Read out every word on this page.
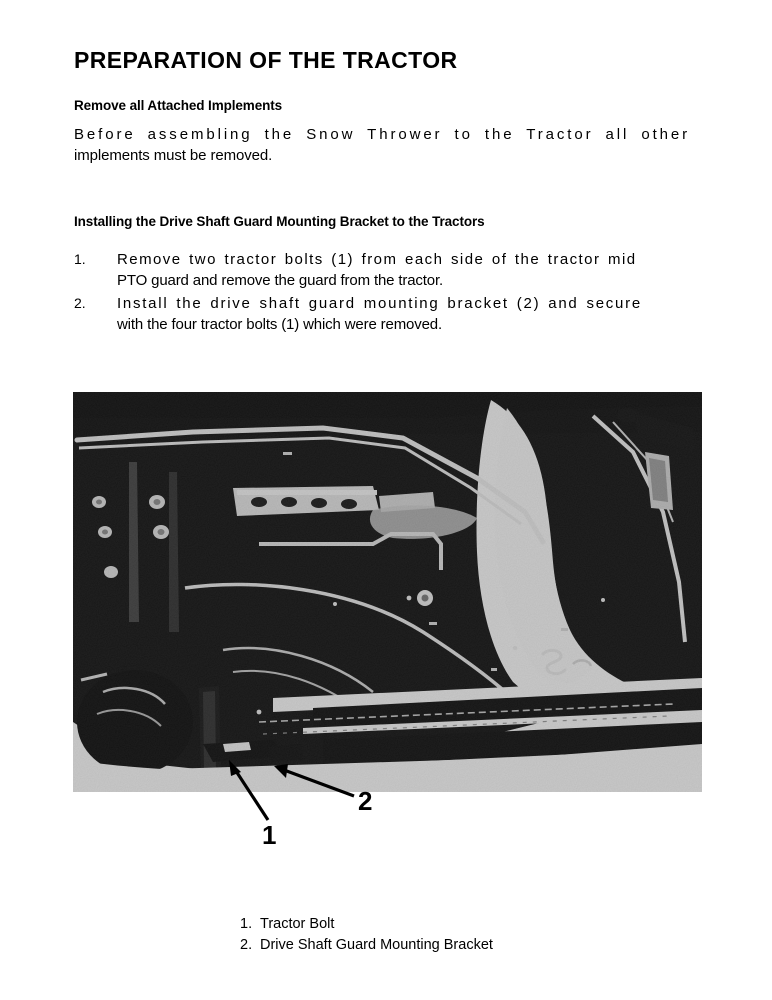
PREPARATION OF THE TRACTOR
Remove all Attached Implements
Before assembling the Snow Thrower to the Tractor all other
implements must be removed.
Installing the Drive Shaft Guard Mounting Bracket to the Tractors
1. Remove two tractor bolts (1) from each side of the tractor mid
PTO guard and remove the guard from the tractor.
2. Install the drive shaft guard mounting bracket (2) and secure
with the four tractor bolts (1) which were removed.
1
2
1. Tractor Bolt
2. Drive Shaft Guard Mounting Bracket
